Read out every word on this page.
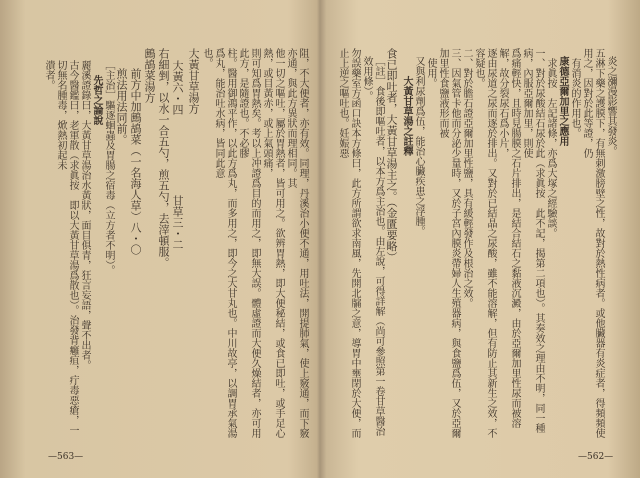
炎之瀰漫影響其發炎。
五淋下藥之護膜下，有無刺激膀壁之性，故對於熱性病者。或他臟器有炎症者，得頻頻使用之，因對於此等證，仍
有消炎的作用也。
康德亞爾加里之應用
求眞按　左記諸條，亦爲大塚之經驗談。
一、對於尿酸結石尿於此（求眞按　此不記，揭第二項也）。其奏效之理由不明，同一種病，內服亞爾加里，則使
爲痛輕快，且時見腸膜之石片排出，是結合結石之黏液沉澱，由於亞爾加里性尿而被溶解，故分裂尿石爲小片，
逐由尿道之尿而逐於排出。又對於已結晶之尿酸，雖不能溶解，但有防止其新生之效，不容疑也。
二、對於膽石證亞爾加里性鹽，具有緩輕發作及根治之效。
三、因氣管卡他而分泌少量時，又於子宮內膜炎帶婦人生殖器病，與食鹽爲伍，又於亞爾加里性食鹽液形而被
使用。
又與利尿劑爲伍，能治心臟疾患之浮腫。
大黃甘草湯之註釋
食已即吐者，大黃甘草湯主之。（金匱要略）
［註］食後即嘔吐者，以本方爲主治也。由左說，可得詳解（尚可參照第一卷甘草醫治效用條）。
勿誤藥室方函口訣本方條曰，此方所謂欲求南風，先開北牖之意，導胃中壅閉於大便，而止上逆之嘔吐也。妊娠惡
—562—
阻，不大便者，亦有效。同理，丹溪治小便不通，用吐法，開提肺氣，使上竅通，而下竅亦通，與此方異狀而理相同。其
他一切之嘔吐，屬於胃熱者，皆可用之。欲辨胃熱，即大便秘結，或食已即吐，或手足心熱，或目黃赤，或上氣頭痛，
則可知爲胃熱矣。考以上冲證爲目的而用之，即無大誤。體虛證而大便久燥結者，亦可用此方，是隨證也。不必膠
柱。醫用御鴻平作，以此方爲丸，而多用之，即今之大甘丸也。中川故亭，以調胃承氣湯爲丸，能治吐水病，皆同此意
也。
大黃甘草湯方
大黃六・四甘草三・二
右細剉，以水一合五勺，煎五勺，去滓頓服。
鷓鴣菜湯方
前方中加鷓鴣菜（一名海人草）八・〇
煎法用法同前。
［主治］驅逐蛔蟲及胃腸之宿毒（立方者不明）。
先哲之論說
麗溪證錄曰，大黃甘草湯治水黃狀，面目俱青，狂言妄語，聲不出者。
古今醫鑑曰，老軍散（求眞按　即以大黃甘草湯爲散也）。治發背癰疽，疔毒惡瘡，一切無名腫毒，焮熱初起未
潰者。
—563—
